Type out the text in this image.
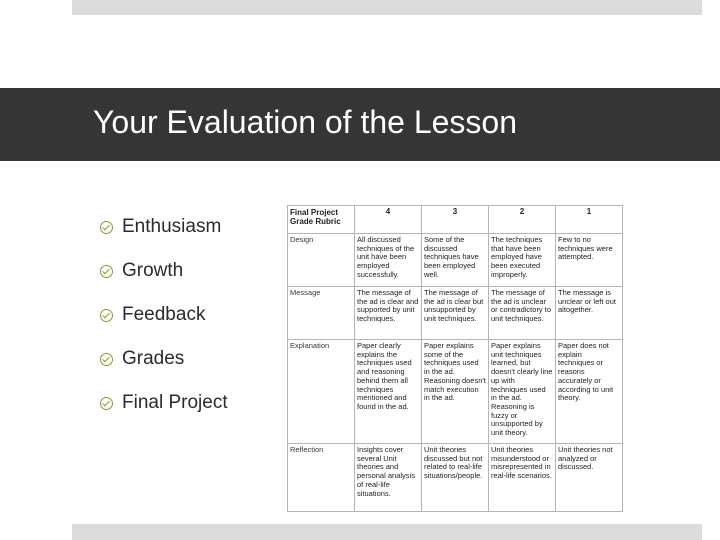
Your Evaluation of the Lesson
Enthusiasm
Growth
Feedback
Grades
Final Project
Final Project Grade Rubric	4	3	2	1
Design	All discussed techniques of the unit have been employed successfully.	Some of the discussed techniques have been employed well.	The techniques that have been employed have been executed improperly.	Few to no techniques were attempted.
Message	The message of the ad is clear and supported by unit techniques.	The message of the ad is clear but unsupported by unit techniques.	The message of the ad is unclear or contradictory to unit techniques.	The message is unclear or left out altogether.
Explanation	Paper clearly explains the techniques used and reasoning behind them all techniques mentioned and found in the ad.	Paper explains some of the techniques used in the ad. Reasoning doesn't match execution in the ad.	Paper explains unit techniques learned, but doesn't clearly line up with techniques used in the ad. Reasoning is fuzzy or unsupported by unit theory.	Paper does not explain techniques or reasons accurately or according to unit theory.
Reflection	Insights cover several Unit theories and personal analysis of real-life situations.	Unit theories discussed but not related to real-life situations/people.	Unit theories misunderstood or misrepresented in real-life scenarios.	Unit theories not analyzed or discussed.
